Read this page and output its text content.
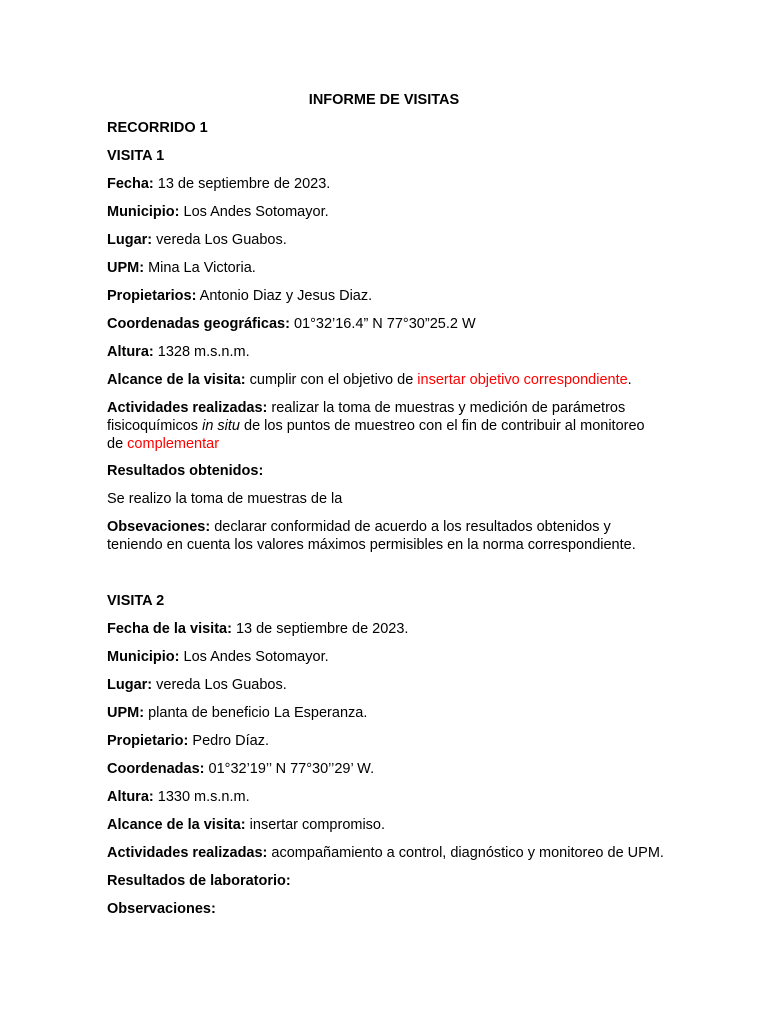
INFORME DE VISITAS
RECORRIDO 1
VISITA 1
Fecha: 13 de septiembre de 2023.
Municipio: Los Andes Sotomayor.
Lugar: vereda Los Guabos.
UPM: Mina La Victoria.
Propietarios: Antonio Diaz y Jesus Diaz.
Coordenadas geográficas: 01°32’16.4” N 77°30”25.2 W
Altura: 1328 m.s.n.m.
Alcance de la visita: cumplir con el objetivo de insertar objetivo correspondiente.
Actividades realizadas: realizar la toma de muestras y medición de parámetros fisicoquímicos in situ de los puntos de muestreo con el fin de contribuir al monitoreo de complementar
Resultados obtenidos:
Se realizo la toma de muestras de la
Obsevaciones: declarar conformidad de acuerdo a los resultados obtenidos y teniendo en cuenta los valores máximos permisibles en la norma correspondiente.
VISITA 2
Fecha de la visita: 13 de septiembre de 2023.
Municipio: Los Andes Sotomayor.
Lugar: vereda Los Guabos.
UPM: planta de beneficio La Esperanza.
Propietario: Pedro Díaz.
Coordenadas: 01°32’19’’ N 77°30’’29’ W.
Altura: 1330 m.s.n.m.
Alcance de la visita: insertar compromiso.
Actividades realizadas: acompañamiento a control, diagnóstico y monitoreo de UPM.
Resultados de laboratorio:
Observaciones:
